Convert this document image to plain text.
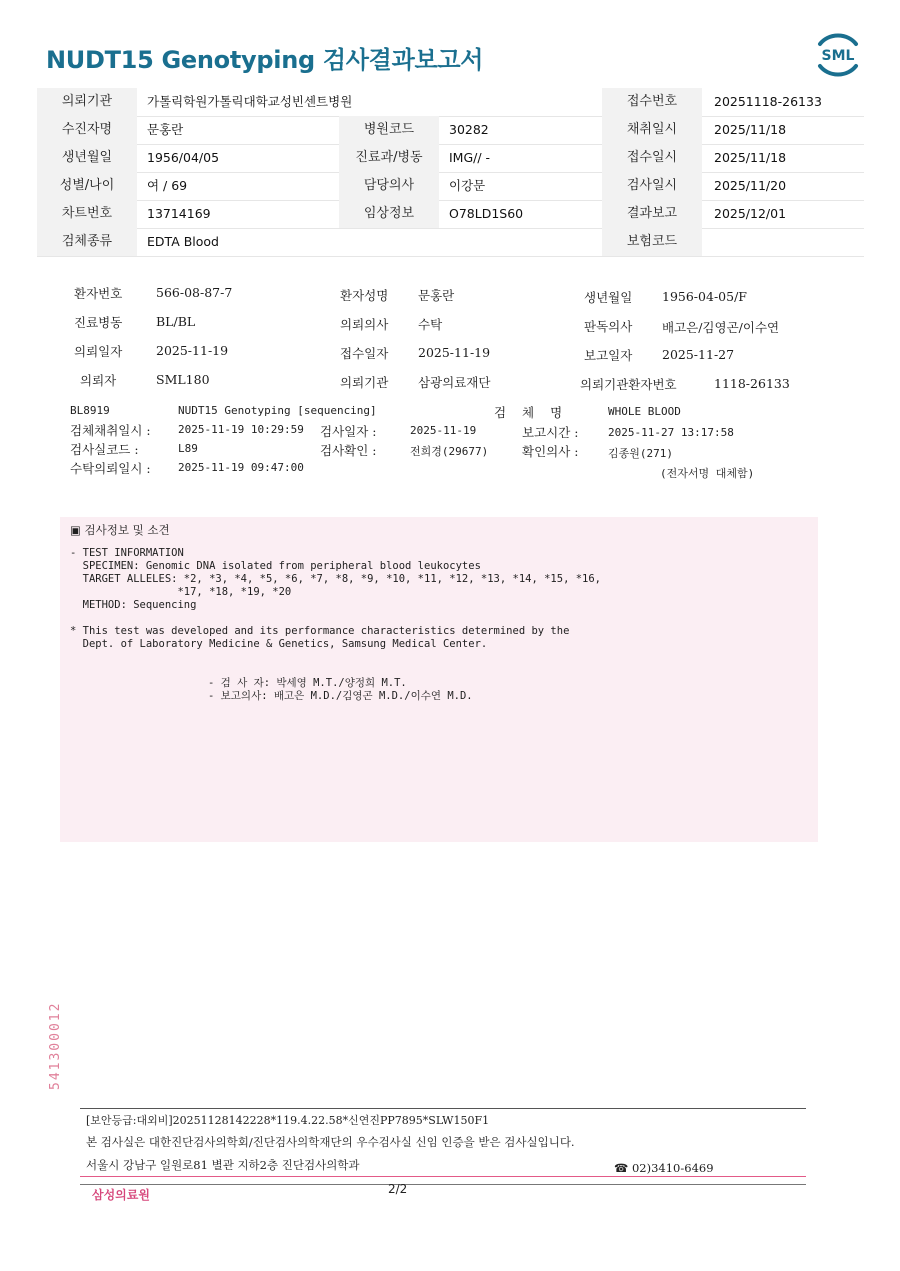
NUDT15 Genotyping 검사결과보고서	SML
의뢰기관	가톨릭학원가톨릭대학교성빈센트병원	접수번호	20251118-26133
수진자명	문홍란	병원코드	30282	채취일시	2025/11/18
생년월일	1956/04/05	진료과/병동	IMG// -	접수일시	2025/11/18
성별/나이	여 / 69	담당의사	이강문	검사일시	2025/11/20
차트번호	13714169	임상정보	O78LD1S60	결과보고	2025/12/01
검체종류	EDTA Blood	보험코드
환자번호	566-08-87-7	환자성명 문홍란	생년월일 1956-04-05/F
진료병동	BL/BL	의뢰의사 수탁	판독의사 배고은/김영곤/이수연
의뢰일자	2025-11-19	접수일자 2025-11-19	보고일자 2025-11-27
의뢰자	SML180	의뢰기관 삼광의료재단	의뢰기관환자번호	1118-26133
BL8919	NUDT15 Genotyping [sequencing]	검 체 명	WHOLE BLOOD
검체채취일시 : 2025-11-19 10:29:59 검사일자 :	2025-11-19	보고시간 :	2025-11-27 13:17:58
검사실코드 :	L89	검사확인 :	전희경(29677)	확인의사 :	김종원(271)
수탁의뢰일시 : 2025-11-19 09:47:00	(전자서명 대체함)
▣ 검사정보 및 소견
- TEST INFORMATION
SPECIMEN: Genomic DNA isolated from peripheral blood leukocytes
TARGET ALLELES: *2, *3, *4, *5, *6, *7, *8, *9, *10, *11, *12, *13, *14, *15, *16,
*17, *18, *19, *20
METHOD: Sequencing
* This test was developed and its performance characteristics determined by the
Dept. of Laboratory Medicine & Genetics, Samsung Medical Center.
- 검 사 자: 박세영 M.T./양정희 M.T.
- 보고의사: 배고은 M.D./김영곤 M.D./이수연 M.D.
541300012
[보안등급:대외비]20251128142228*119.4.22.58*신연진PP7895*SLW150F1
본 검사실은 대한진단검사의학회/진단검사의학재단의 우수검사실 신임 인증을 받은 검사실입니다.
서울시 강남구 일원로81 별관 지하2층 진단검사의학과	☎ 02)3410-6469
삼성의료원	2/2
